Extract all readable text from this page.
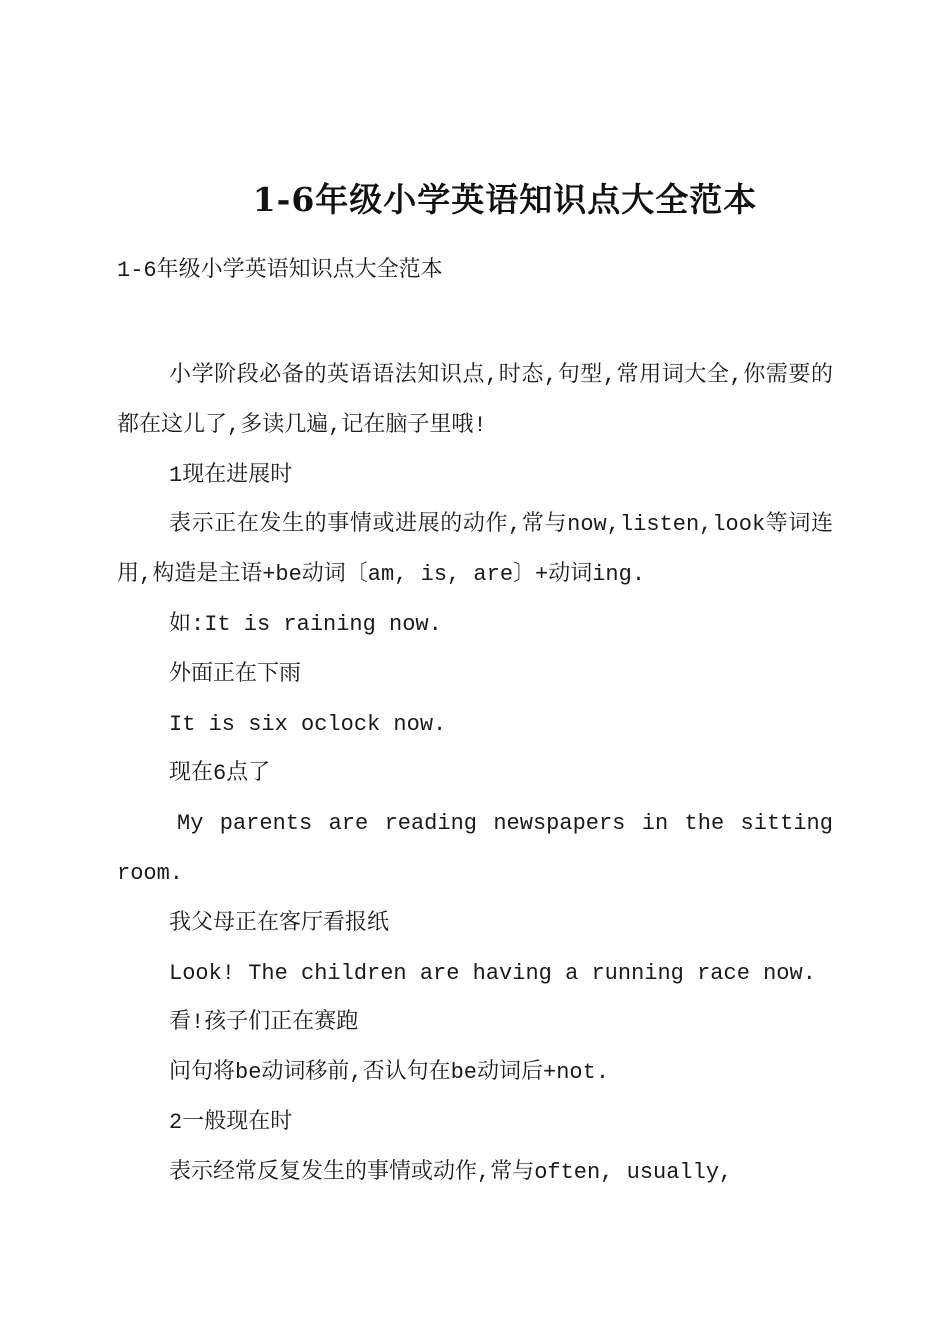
1-6年级小学英语知识点大全范本
1-6年级小学英语知识点大全范本

小学阶段必备的英语语法知识点,时态,句型,常用词大全,你需要的都在这儿了,多读几遍,记在脑子里哦!

1现在进展时

表示正在发生的事情或进展的动作,常与now,listen,look等词连用,构造是主语+be动词〔am, is, are〕+动词ing.

如:It is raining now.

外面正在下雨

It is six oclock now.

现在6点了

My parents are reading newspapers in the sitting
room.

我父母正在客厅看报纸

Look! The children are having a running race now.

看!孩子们正在赛跑

问句将be动词移前,否认句在be动词后+not.

2一般现在时

表示经常反复发生的事情或动作,常与often, usually,
